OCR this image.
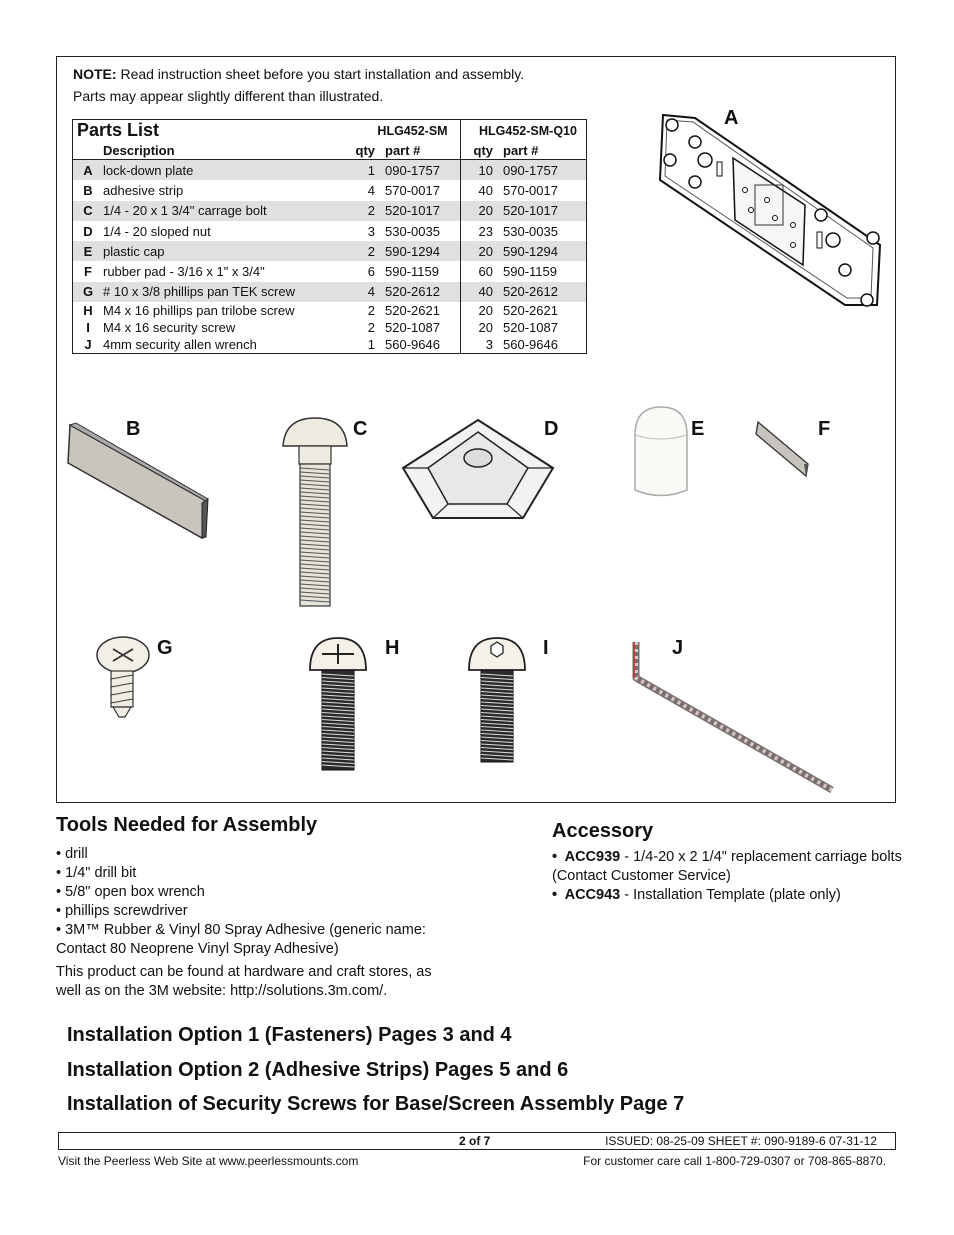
NOTE: Read instruction sheet before you start installation and assembly.
Parts may appear slightly different than illustrated.
Parts List		HLG452-SM		HLG452-SM-Q10	
	Description	qty	part #	qty	part #
A	lock-down plate	1	090-1757	10	090-1757
B	adhesive strip	4	570-0017	40	570-0017
C	1/4 - 20 x 1 3/4" carrage bolt	2	520-1017	20	520-1017
D	1/4 - 20 sloped nut	3	530-0035	23	530-0035
E	plastic cap	2	590-1294	20	590-1294
F	rubber pad - 3/16 x 1" x 3/4"	6	590-1159	60	590-1159
G	# 10 x 3/8 phillips pan TEK screw	4	520-2612	40	520-2612
H	M4 x 16 phillips pan trilobe screw	2	520-2621	20	520-2621
I	M4 x 16 security screw	2	520-1087	20	520-1087
J	4mm security allen wrench	1	560-9646	3	560-9646
A
B	C	D	E	F
G	H	I	J
Tools Needed for Assembly
• drill
• 1/4" drill bit
• 5/8" open box wrench
• phillips screwdriver
• 3M™ Rubber & Vinyl 80 Spray Adhesive (generic name: Contact 80 Neoprene Vinyl Spray Adhesive)
This product can be found at hardware and craft stores, as well as on the 3M website: http://solutions.3m.com/.
Accessory
•  ACC939 - 1/4-20 x 2 1/4" replacement carriage bolts (Contact Customer Service)
•  ACC943 - Installation Template (plate only)
Installation Option 1 (Fasteners) Pages 3 and 4
Installation Option 2 (Adhesive Strips) Pages 5 and 6
Installation of Security Screws for Base/Screen Assembly Page 7
2 of 7	ISSUED: 08-25-09 SHEET #: 090-9189-6 07-31-12
Visit the Peerless Web Site at www.peerlessmounts.com	For customer care call 1-800-729-0307 or 708-865-8870.
